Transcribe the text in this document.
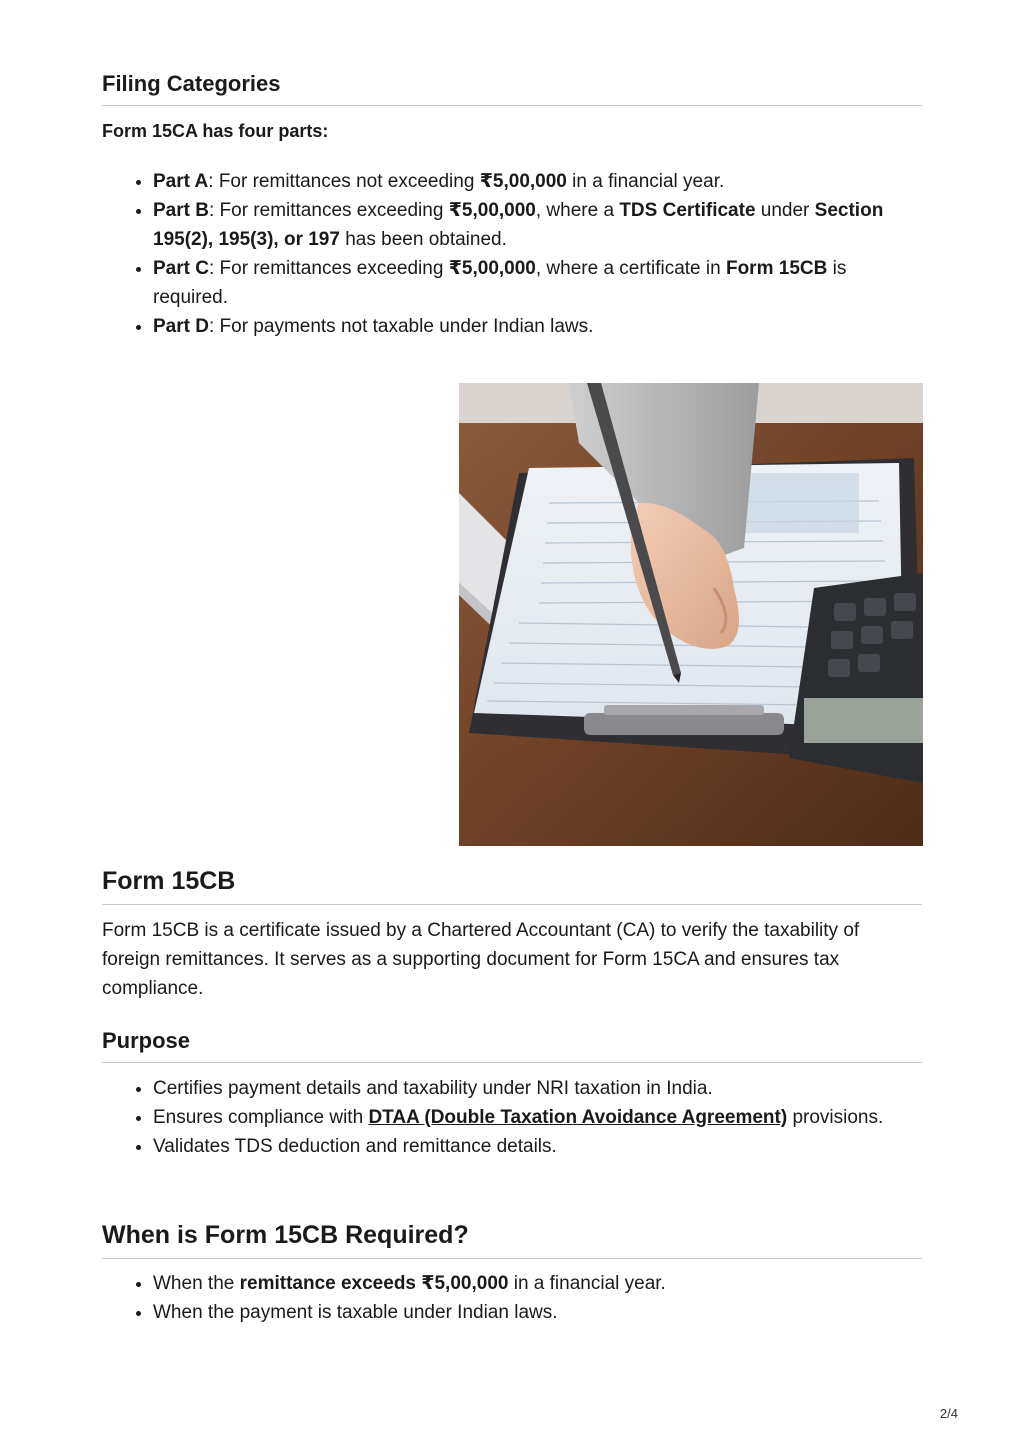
Filing Categories

Form 15CA has four parts:

• Part A: For remittances not exceeding ₹5,00,000 in a financial year.
• Part B: For remittances exceeding ₹5,00,000, where a TDS Certificate under Section 195(2), 195(3), or 197 has been obtained.
• Part C: For remittances exceeding ₹5,00,000, where a certificate in Form 15CB is required.
• Part D: For payments not taxable under Indian laws.
Form 15CB

Form 15CB is a certificate issued by a Chartered Accountant (CA) to verify the taxability of foreign remittances. It serves as a supporting document for Form 15CA and ensures tax compliance.

Purpose
• Certifies payment details and taxability under NRI taxation in India.
• Ensures compliance with DTAA (Double Taxation Avoidance Agreement) provisions.
• Validates TDS deduction and remittance details.
When is Form 15CB Required?
• When the remittance exceeds ₹5,00,000 in a financial year.
• When the payment is taxable under Indian laws.
2/4
